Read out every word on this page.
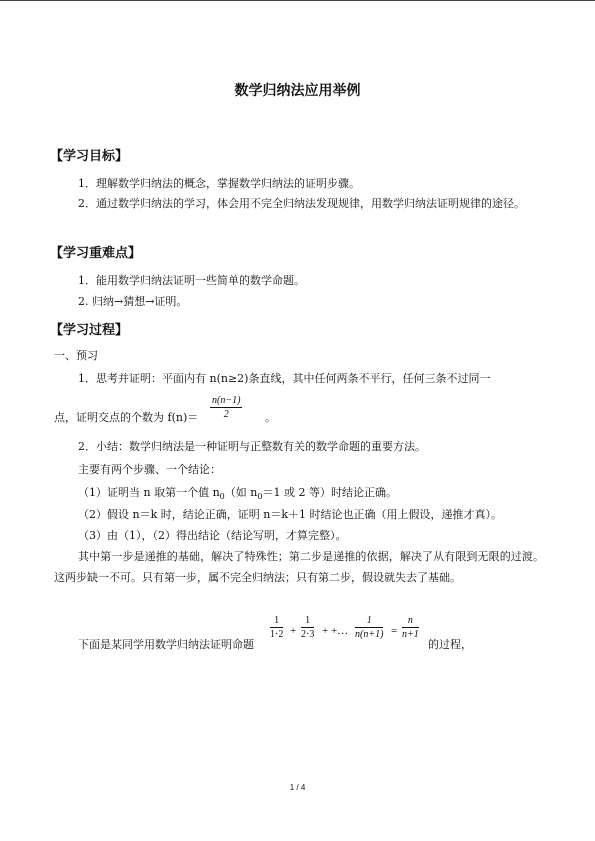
数学归纳法应用举例
【学习目标】
1．理解数学归纳法的概念，掌握数学归纳法的证明步骤。
2．通过数学归纳法的学习，体会用不完全归纳法发现规律，用数学归纳法证明规律的途径。
【学习重难点】
1．能用数学归纳法证明一些简单的数学命题。
2. 归纳→猜想→证明。
【学习过程】
一、预习
1．思考并证明：平面内有 n(n≥2)条直线，其中任何两条不平行，任何三条不过同一
点，证明交点的个数为 $f(n)= \frac{n(n-1)}{2}$ 。
2．小结：数学归纳法是一种证明与正整数有关的数学命题的重要方法。
主要有两个步骤、一个结论：
（1）证明当 n 取第一个值 $n_0$（如 $n_0=1$ 或 2 等）时结论正确。
（2）假设 n＝k 时，结论正确，证明 n＝k＋1 时结论也正确（用上假设，递推才真）。
（3）由（1），（2）得出结论（结论写明，才算完整）。
其中第一步是递推的基础，解决了特殊性；第二步是递推的依据，解决了从有限到无限的过渡。这两步缺一不可。只有第一步，属不完全归纳法；只有第二步，假设就失去了基础。
下面是某同学用数学归纳法证明命题
$\frac{1}{1\cdot 2} + \frac{1}{2\cdot 3}$ + +… $\frac{1}{n(n+1)} = \frac{n}{n+1}$
的过程，
1 / 4
